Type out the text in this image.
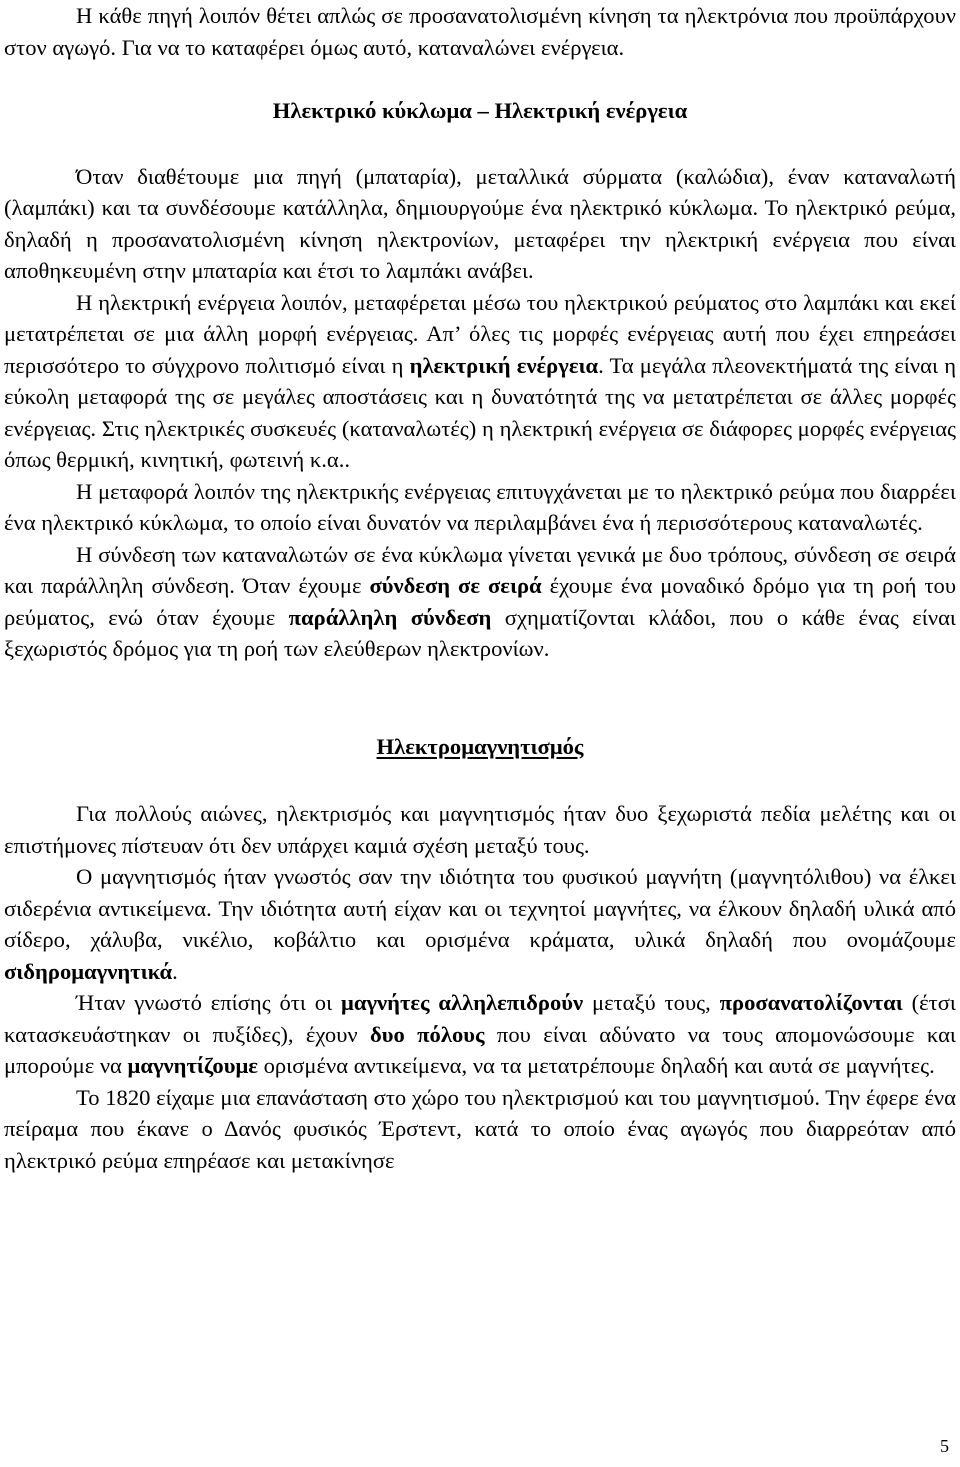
Η κάθε πηγή λοιπόν θέτει απλώς σε προσανατολισμένη κίνηση τα ηλεκτρόνια που προϋπάρχουν στον αγωγό. Για να το καταφέρει όμως αυτό, καταναλώνει ενέργεια.

Ηλεκτρικό κύκλωμα – Ηλεκτρική ενέργεια

Όταν διαθέτουμε μια πηγή (μπαταρία), μεταλλικά σύρματα (καλώδια), έναν καταναλωτή (λαμπάκι) και τα συνδέσουμε κατάλληλα, δημιουργούμε ένα ηλεκτρικό κύκλωμα. Το ηλεκτρικό ρεύμα, δηλαδή η προσανατολισμένη κίνηση ηλεκτρονίων, μεταφέρει την ηλεκτρική ενέργεια που είναι αποθηκευμένη στην μπαταρία και έτσι το λαμπάκι ανάβει.

Η ηλεκτρική ενέργεια λοιπόν, μεταφέρεται μέσω του ηλεκτρικού ρεύματος στο λαμπάκι και εκεί μετατρέπεται σε μια άλλη μορφή ενέργειας. Απ’ όλες τις μορφές ενέργειας αυτή που έχει επηρεάσει περισσότερο το σύγχρονο πολιτισμό είναι η ηλεκτρική ενέργεια. Τα μεγάλα πλεονεκτήματά της είναι η εύκολη μεταφορά της σε μεγάλες αποστάσεις και η δυνατότητά της να μετατρέπεται σε άλλες μορφές ενέργειας. Στις ηλεκτρικές συσκευές (καταναλωτές) η ηλεκτρική ενέργεια σε διάφορες μορφές ενέργειας όπως θερμική, κινητική, φωτεινή κ.α..

Η μεταφορά λοιπόν της ηλεκτρικής ενέργειας επιτυγχάνεται με το ηλεκτρικό ρεύμα που διαρρέει ένα ηλεκτρικό κύκλωμα, το οποίο είναι δυνατόν να περιλαμβάνει ένα ή περισσότερους καταναλωτές.

Η σύνδεση των καταναλωτών σε ένα κύκλωμα γίνεται γενικά με δυο τρόπους, σύνδεση σε σειρά και παράλληλη σύνδεση. Όταν έχουμε σύνδεση σε σειρά έχουμε ένα μοναδικό δρόμο για τη ροή του ρεύματος, ενώ όταν έχουμε παράλληλη σύνδεση σχηματίζονται κλάδοι, που ο κάθε ένας είναι ξεχωριστός δρόμος για τη ροή των ελεύθερων ηλεκτρονίων.

Ηλεκτρομαγνητισμός

Για πολλούς αιώνες, ηλεκτρισμός και μαγνητισμός ήταν δυο ξεχωριστά πεδία μελέτης και οι επιστήμονες πίστευαν ότι δεν υπάρχει καμιά σχέση μεταξύ τους.

Ο μαγνητισμός ήταν γνωστός σαν την ιδιότητα του φυσικού μαγνήτη (μαγνητόλιθου) να έλκει σιδερένια αντικείμενα. Την ιδιότητα αυτή είχαν και οι τεχνητοί μαγνήτες, να έλκουν δηλαδή υλικά από σίδερο, χάλυβα, νικέλιο, κοβάλτιο και ορισμένα κράματα, υλικά δηλαδή που ονομάζουμε σιδηρομαγνητικά.

Ήταν γνωστό επίσης ότι οι μαγνήτες αλληλεπιδρούν μεταξύ τους, προσανατολίζονται (έτσι κατασκευάστηκαν οι πυξίδες), έχουν δυο πόλους που είναι αδύνατο να τους απομονώσουμε και μπορούμε να μαγνητίζουμε ορισμένα αντικείμενα, να τα μετατρέπουμε δηλαδή και αυτά σε μαγνήτες.

Το 1820 είχαμε μια επανάσταση στο χώρο του ηλεκτρισμού και του μαγνητισμού. Την έφερε ένα πείραμα που έκανε ο Δανός φυσικός Έρστεντ, κατά το οποίο ένας αγωγός που διαρρεόταν από ηλεκτρικό ρεύμα επηρέασε και μετακίνησε

5
